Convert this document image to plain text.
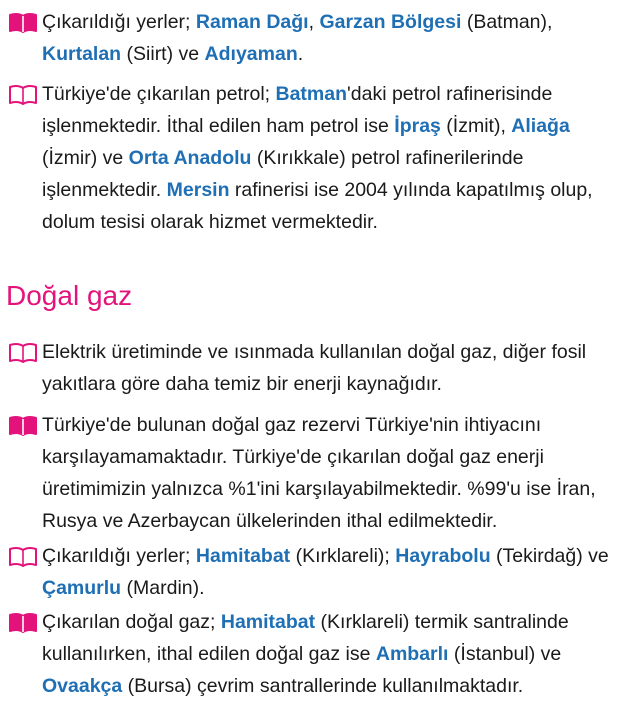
Çıkarıldığı yerler; Raman Dağı, Garzan Bölgesi (Batman), Kurtalan (Siirt) ve Adıyaman.
Türkiye'de çıkarılan petrol; Batman'daki petrol rafinerisinde işlenmektedir. İthal edilen ham petrol ise İpraş (İzmit), Aliağa (İzmir) ve Orta Anadolu (Kırıkkale) petrol rafinerilerinde işlenmektedir. Mersin rafinerisi ise 2004 yılında kapatılmış olup, dolum tesisi olarak hizmet vermektedir.
Doğal gaz
Elektrik üretiminde ve ısınmada kullanılan doğal gaz, diğer fosil yakıtlara göre daha temiz bir enerji kaynağıdır.
Türkiye'de bulunan doğal gaz rezervi Türkiye'nin ihtiyacını karşılayamamaktadır. Türkiye'de çıkarılan doğal gaz enerji üretimimizin yalnızca %1'ini karşılayabilmektedir. %99'u ise İran, Rusya ve Azerbaycan ülkelerinden ithal edilmektedir.
Çıkarıldığı yerler; Hamitabat (Kırklareli); Hayrabolu (Tekirdağ) ve Çamurlu (Mardin).
Çıkarılan doğal gaz; Hamitabat (Kırklareli) termik santralinde kullanılırken, ithal edilen doğal gaz ise Ambarlı (İstanbul) ve Ovaakça (Bursa) çevrim santrallerinde kullanılmaktadır.
